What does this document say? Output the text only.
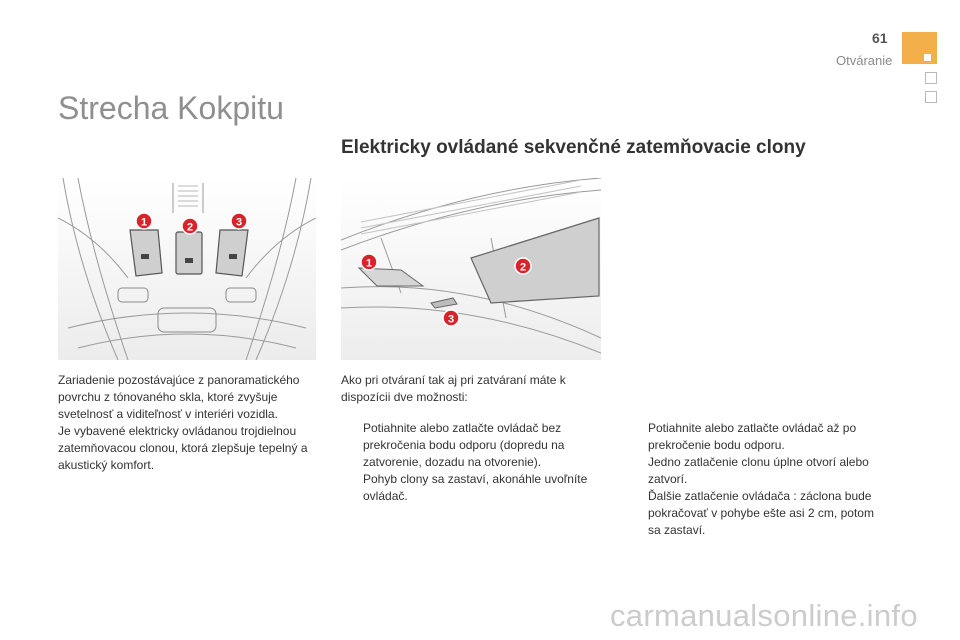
61
Otváranie
Strecha Kokpitu
Elektricky ovládané sekvenčné zatemňovacie clony
1	2	3
1	2
3

Zariadenie pozostávajúce z panoramatického

povrchu z tónovaného skla, ktoré zvyšuje

svetelnosť a viditeľnosť v interiéri vozidla.

Je vybavené elektricky ovládanou trojdielnou

zatemňovacou clonou, ktorá zlepšuje tepelný a

akustický komfort.

Ako pri otváraní tak aj pri zatváraní máte k

dispozícii dve možnosti:

Potiahnite alebo zatlačte ovládač bez

prekročenia bodu odporu (dopredu na

zatvorenie, dozadu na otvorenie).

Pohyb clony sa zastaví, akonáhle uvoľníte

ovládač.

Potiahnite alebo zatlačte ovládač až po

prekročenie bodu odporu.

Jedno zatlačenie clonu úplne otvorí alebo

zatvorí.

Ďalšie zatlačenie ovládača : záclona bude

pokračovať v pohybe ešte asi 2 cm, potom

sa zastaví.

carmanualsonline.info
